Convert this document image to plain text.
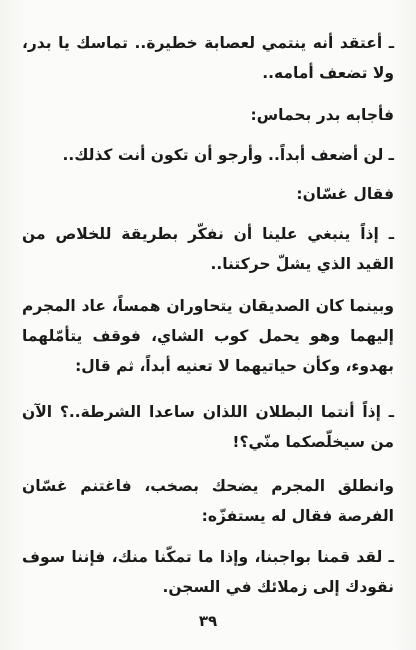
ـ أعتقد أنه ينتمي لعصابة خطيرة.. تماسك يا بدر، ولا تضعف أمامه..

فأجابه بدر بحماس:

ـ لن أضعف أبداً.. وأرجو أن تكون أنت كذلك..

فقال غسّان:

ـ إذاً ينبغي علينا أن نفكّر بطريقة للخلاص من القيد الذي يشلّ حركتنا..

وبينما كان الصديقان يتحاوران همساً، عاد المجرم إليهما وهو يحمل كوب الشاي، فوقف يتأمّلهما بهدوء، وكأن حياتيهما لا تعنيه أبداً، ثم قال:

ـ إذاً أنتما البطلان اللذان ساعدا الشرطة..؟ الآن من سيخلّصكما منّي؟!

وانطلق المجرم يضحك بصخب، فاغتنم غسّان الفرصة فقال له يستفزّه:

ـ لقد قمنا بواجبنا، وإذا ما تمكّنا منك، فإننا سوف نقودك إلى زملائك في السجن.

٣٩
